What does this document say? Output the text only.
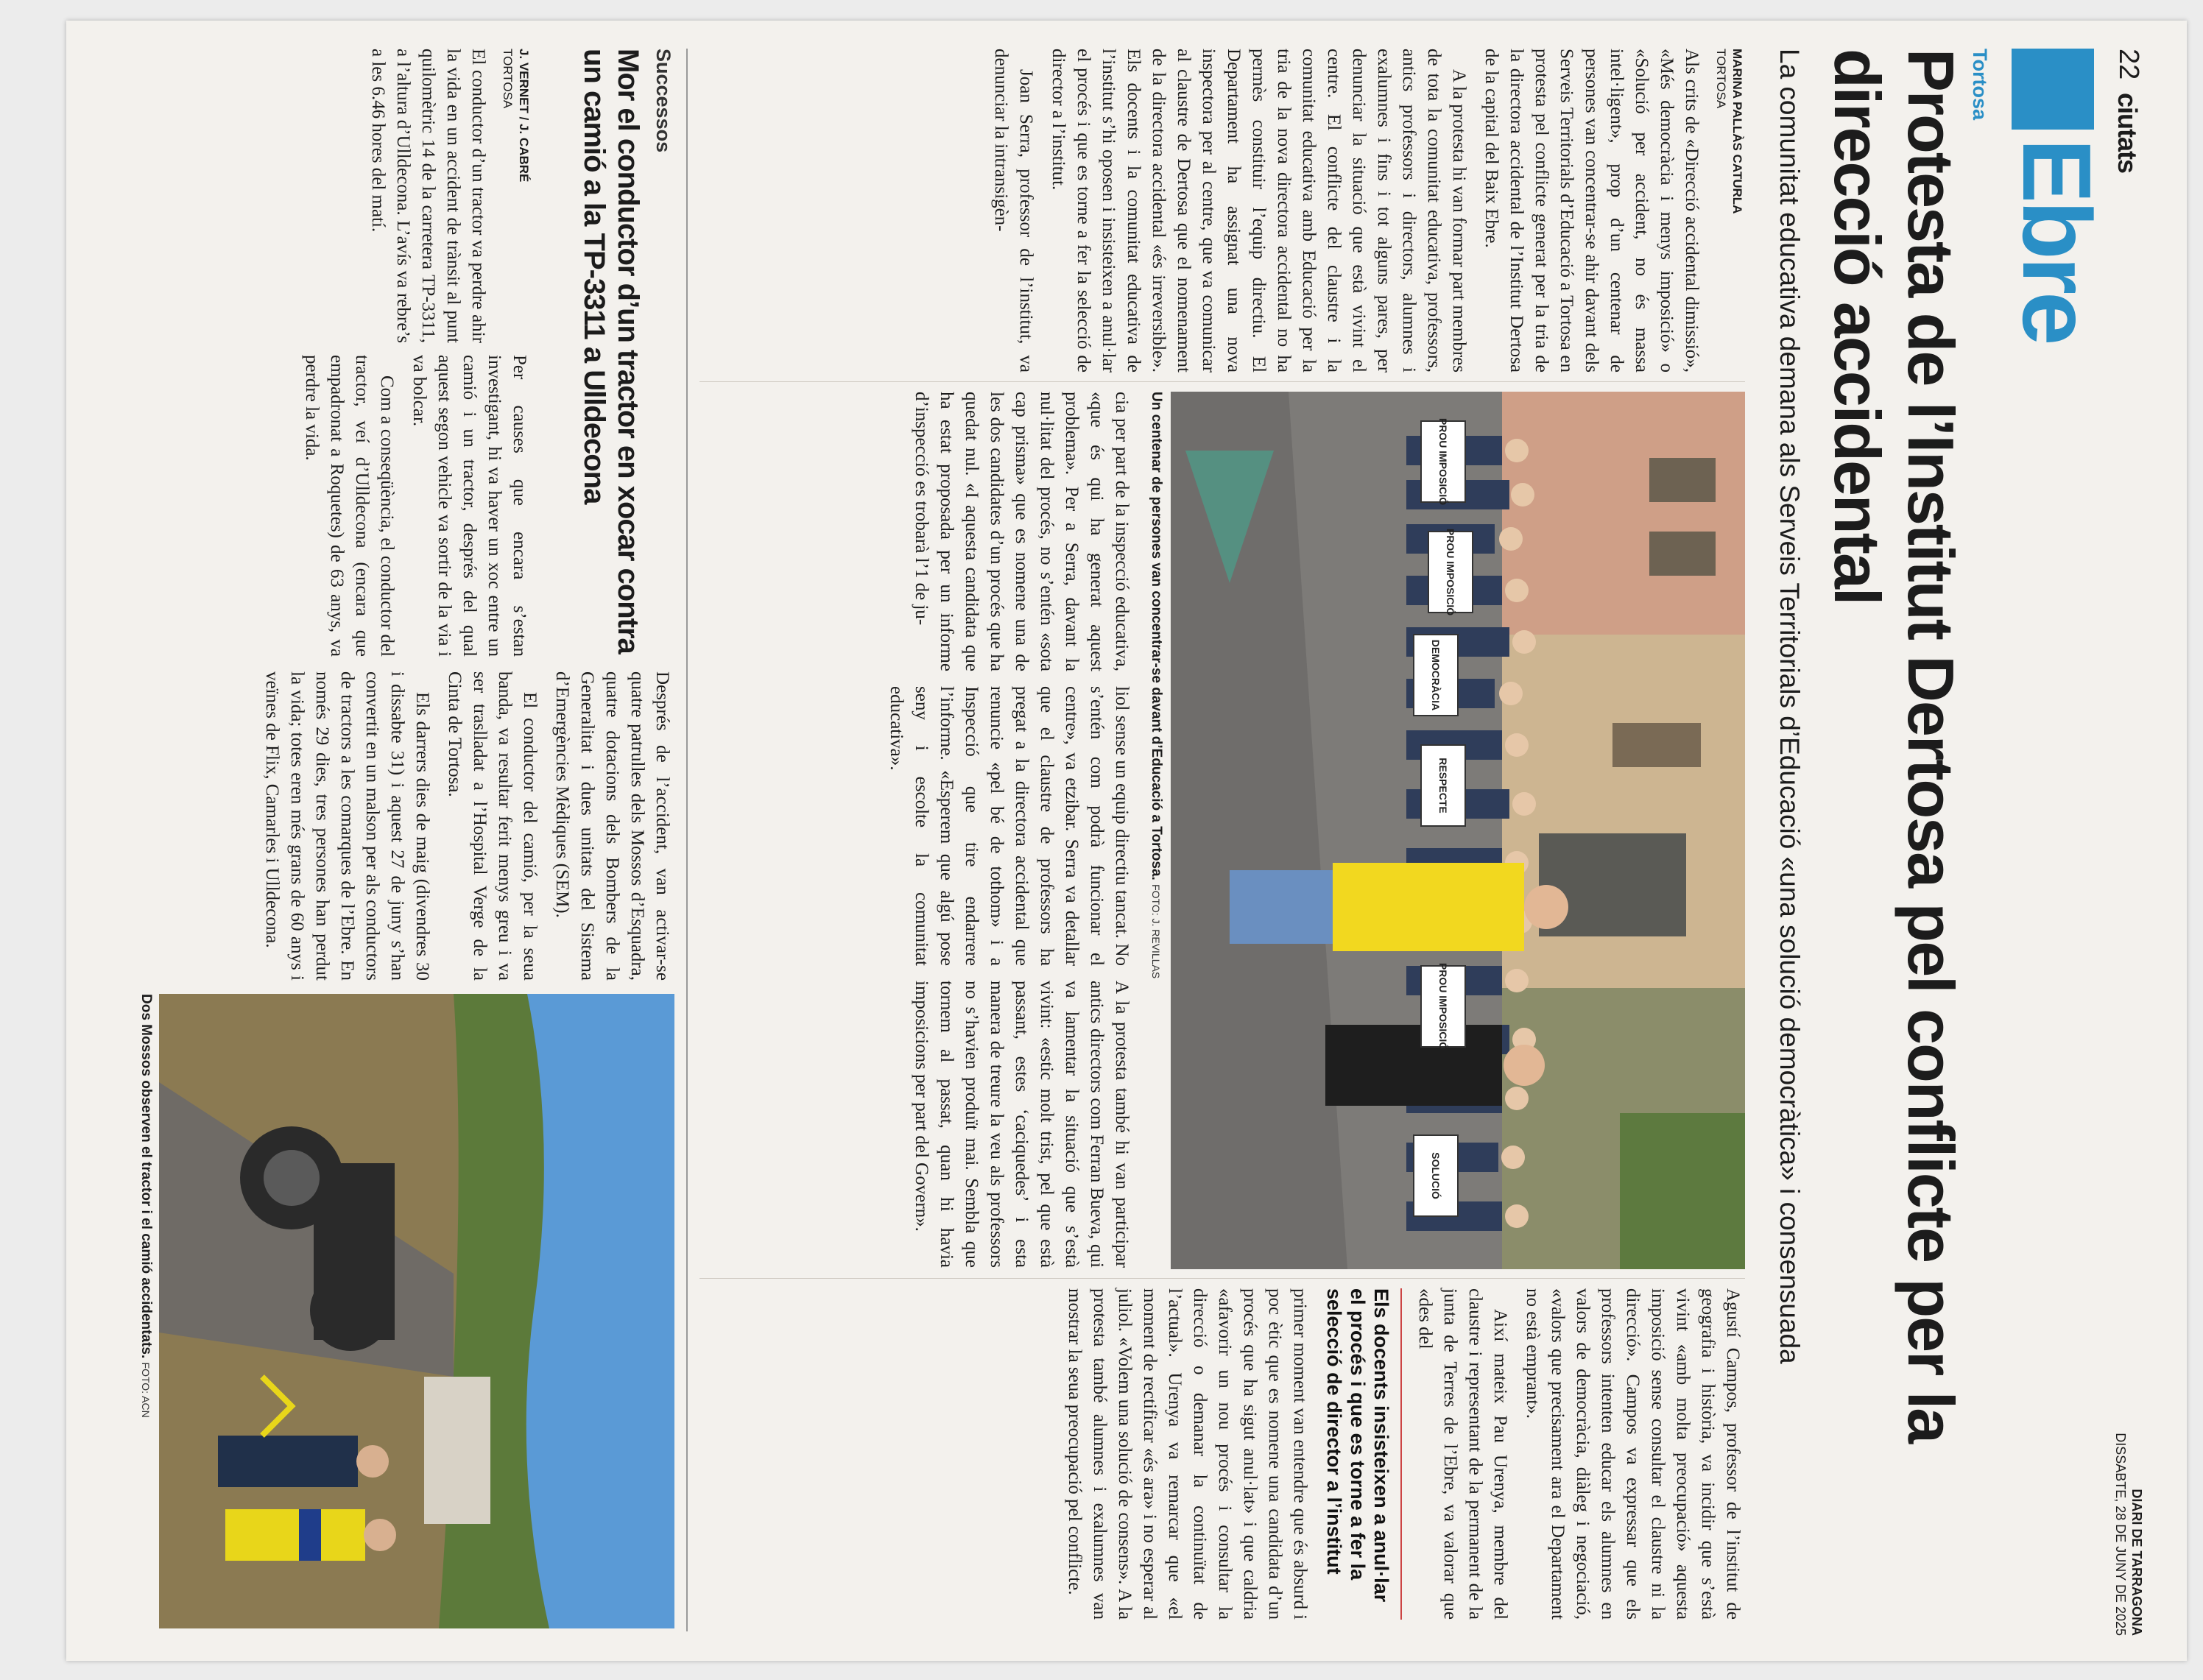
22
ciutats
DIARI DE TARRAGONA
DISSABTE, 28 DE JUNY DE 2025
Ebre
Tortosa
Protesta de l’Institut Dertosa pel conflicte per la direcció accidental
La comunitat educativa demana als Serveis Territorials d’Educació «una solució democràtica» i consensuada
MARINA PALLÀS CATURLA
TORTOSA

Als crits de «Direcció accidental dimissió», «Més democràcia i menys imposició» o «Solució per accident, no és massa intel·ligent», prop d’un centenar de persones van concentrar-se ahir davant dels Serveis Territorials d’Educació a Tortosa en protesta pel conflicte generat per la tria de la directora accidental de l’Institut Dertosa de la capital del Baix Ebre.

A la protesta hi van formar part membres de tota la comunitat educativa, professors, antics professors i directors, alumnes i exalumnes i fins i tot alguns pares, per denunciar la situació que està vivint el centre. El conflicte del claustre i la comunitat educativa amb Educació per la tria de la nova directora accidental no ha permès constituir l’equip directiu. El Departament ha assignat una nova inspectora per al centre, que va comunicar al claustre de Dertosa que el nomenament de la directora accidental «és irreversible». Els docents i la comunitat educativa de l’institut s’hi oposen i insisteixen a anul·lar el procés i que es torne a fer la selecció de director a l’institut.

Joan Serra, professor de l’institut, va denunciar la intransigèn-

PROU IMPOSICIÓ
PROU IMPOSICIÓ
DEMOCRÀCIA
RESPECTE
PROU IMPOSICIÓ
SOLUCIÓ
Un centenar de persones van concentrar-se davant d’Educació a Tortosa. FOTO: J. REVILLAS

cia per part de la inspecció educativa, «que és qui ha generat aquest problema». Per a Serra, davant la nul·litat del procés, no s’entén «sota cap prisma» que es nomene una de les dos candidates d’un procés que ha quedat nul. «I aquesta candidata que ha estat proposada per un informe d’inspecció es trobarà l’1 de ju-

liol sense un equip directiu tancat. No s’entén com podrà funcionar el centre», va etzibar. Serra va detallar que el claustre de professors ha pregat a la directora accidental que renuncie «pel bé de tothom» i a Inspecció que tire endarrere l’informe. «Esperem que algú pose seny i escolte la comunitat educativa».

A la protesta també hi van participar antics directors com Ferran Bueva, qui va lamentar la situació que s’està vivint: «estic molt trist, pel que està passant, estes ‘caciquedes’ i esta manera de treure la veu als professors no s’havien produït mai. Sembla que tornem al passat, quan hi havia imposicions per part del Govern».

Agustí Campos, professor de l’institut de geografia i història, va incidir que s’està vivint «amb molta preocupació» aquesta imposició sense consultar el claustre ni la direcció». Campos va expressar que els professors intenten educar els alumnes en valors de democràcia, diàleg i negociació, «valors que precisament ara el Departament no està emprant».

Així mateix Pau Urenya, membre del claustre i representant de la permanent de la junta de Terres de l’Ebre, va valorar que «des del

Els docents insisteixen a anul·lar el procés i que es torne a fer la selecció de director a l’institut

primer moment van entendre que és absurd i poc ètic que es nomene una candidata d’un procés que ha sigut anul·lat» i que caldria «afavorir un nou procés i consultar la direcció o demanar la continuïtat de l’actual». Urenya va remarcar que «el moment de rectificar «és ara» i no esperar al juliol. «Volem una solució de consens». A la protesta també alumnes i exalumnes van mostrar la seua preocupació pel conflicte.

Successos
Mor el conductor d’un tractor en xocar contra un camió a la TP-3311 a Ulldecona
J. VERNET / J. CABRÉ
TORTOSA

El conductor d’un tractor va perdre ahir la vida en un accident de trànsit al punt quilomètric 14 de la carretera TP-3311, a l’altura d’Ulldecona. L’avís va rebre’s a les 6.46 hores del matí.

Per causes que encara s’estan investigant, hi va haver un xoc entre un camió i un tractor, després del qual aquest segon vehicle va sortir de la via i va bolcar.

Com a conseqüència, el conductor del tractor, veí d’Ulldecona (encara que empadronat a Roquetes) de 63 anys, va perdre la vida.

Després de l’accident, van activar-se quatre patrulles dels Mossos d’Esquadra, quatre dotacions dels Bombers de la Generalitat i dues unitats del Sistema d’Emergències Mèdiques (SEM).

El conductor del camió, per la seua banda, va resultar ferit menys greu i va ser traslladat a l’Hospital Verge de la Cinta de Tortosa.

Els darrers dies de maig (divendres 30 i dissabte 31) i aquest 27 de juny s’han convertit en un malson per als conductors de tractors a les comarques de l’Ebre. En només 29 dies, tres persones han perdut la vida; totes eren més grans de 60 anys i veïnes de Flix, Camarles i Ulldecona.

Dos Mossos observen el tractor i el camió accidentats. FOTO: ACN
